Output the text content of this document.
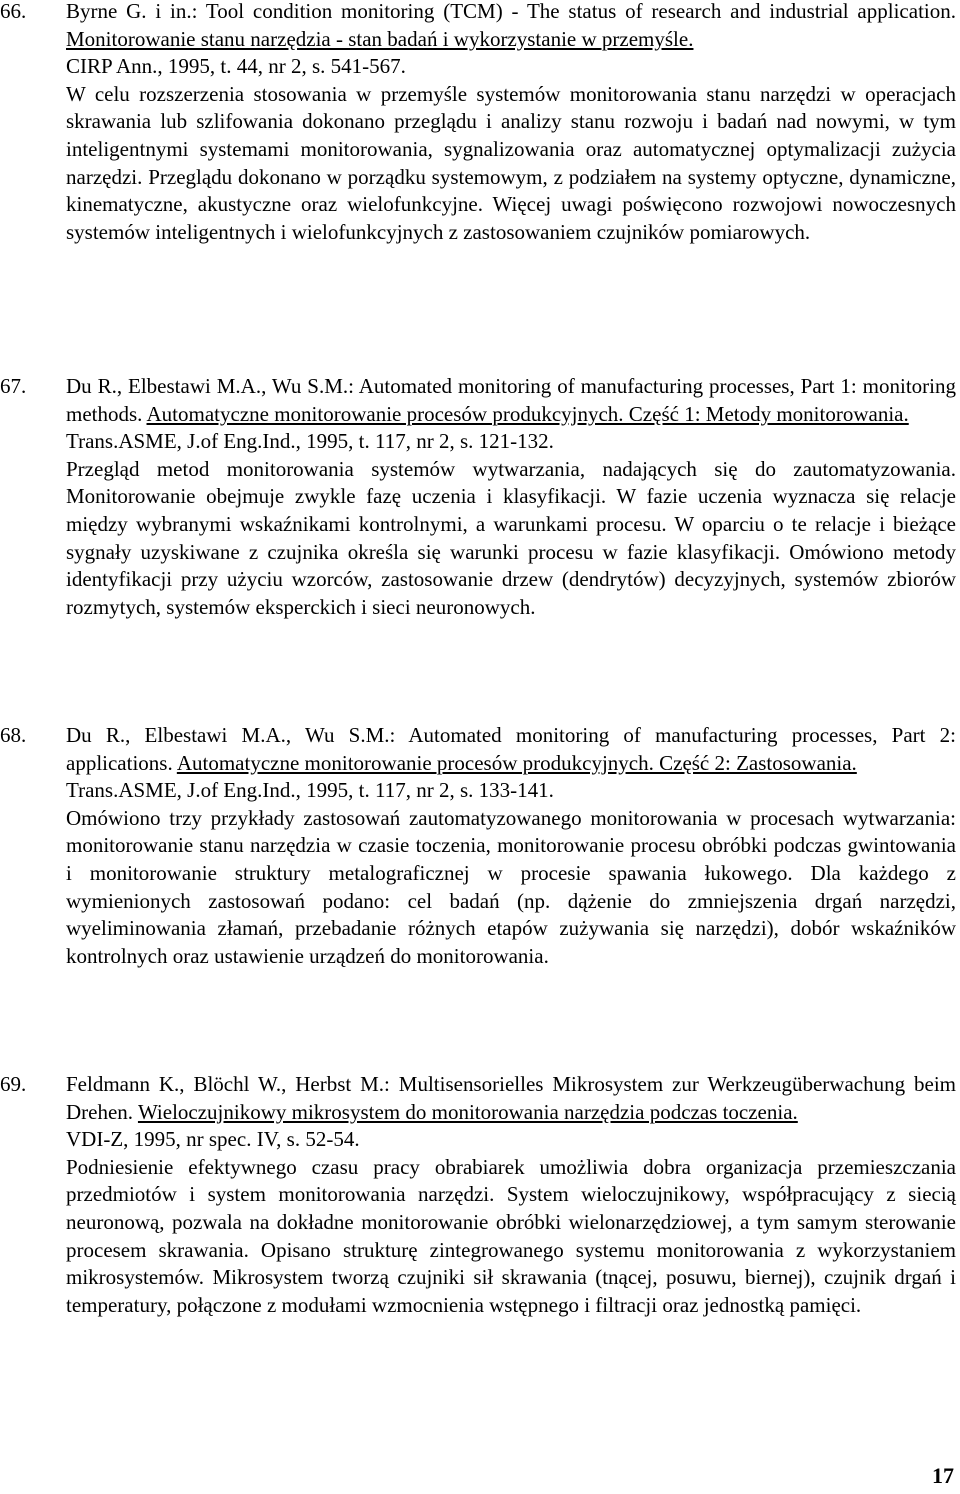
66.	Byrne G. i in.: Tool condition monitoring (TCM) - The status of research and industrial application. Monitorowanie stanu narzędzia - stan badań i wykorzystanie w przemyśle.

CIRP Ann., 1995, t. 44, nr 2, s. 541-567.

W celu rozszerzenia stosowania w przemyśle systemów monitorowania stanu narzędzi w operacjach skrawania lub szlifowania dokonano przeglądu i analizy stanu rozwoju i badań nad nowymi, w tym inteligentnymi systemami monitorowania, sygnalizowania oraz automatycznej optymalizacji zużycia narzędzi. Przeglądu dokonano w porządku systemowym, z podziałem na systemy optyczne, dynamiczne, kinematyczne, akustyczne oraz wielofunkcyjne. Więcej uwagi poświęcono rozwojowi nowoczesnych systemów inteligentnych i wielofunkcyjnych z zastosowaniem czujników pomiarowych.

67.	Du R., Elbestawi M.A., Wu S.M.: Automated monitoring of manufacturing processes, Part 1: monitoring methods. Automatyczne monitorowanie procesów produkcyjnych. Część 1: Metody monitorowania.

Trans.ASME, J.of Eng.Ind., 1995, t. 117, nr 2, s. 121-132.

Przegląd metod monitorowania systemów wytwarzania, nadających się do zautomatyzowania. Monitorowanie obejmuje zwykle fazę uczenia i klasyfikacji. W fazie uczenia wyznacza się relacje między wybranymi wskaźnikami kontrolnymi, a warunkami procesu. W oparciu o te relacje i bieżące sygnały uzyskiwane z czujnika określa się warunki procesu w fazie klasyfikacji. Omówiono metody identyfikacji przy użyciu wzorców, zastosowanie drzew (dendrytów) decyzyjnych, systemów zbiorów rozmytych, systemów eksperckich i sieci neuronowych.

68.	Du R., Elbestawi M.A., Wu S.M.: Automated monitoring of manufacturing processes, Part 2: applications. Automatyczne monitorowanie procesów produkcyjnych. Część 2: Zastosowania.

Trans.ASME, J.of Eng.Ind., 1995, t. 117, nr 2, s. 133-141.

Omówiono trzy przykłady zastosowań zautomatyzowanego monitorowania w procesach wytwarzania: monitorowanie stanu narzędzia w czasie toczenia, monitorowanie procesu obróbki podczas gwintowania i monitorowanie struktury metalograficznej w procesie spawania łukowego. Dla każdego z wymienionych zastosowań podano: cel badań (np. dążenie do zmniejszenia drgań narzędzi, wyeliminowania złamań, przebadanie różnych etapów zużywania się narzędzi), dobór wskaźników kontrolnych oraz ustawienie urządzeń do monitorowania.

69.	Feldmann K., Blöchl W., Herbst M.: Multisensorielles Mikrosystem zur Werkzeugüberwachung beim Drehen. Wieloczujnikowy mikrosystem do monitorowania narzędzia podczas toczenia.

VDI-Z, 1995, nr spec. IV, s. 52-54.

Podniesienie efektywnego czasu pracy obrabiarek umożliwia dobra organizacja przemieszczania przedmiotów i system monitorowania narzędzi. System wieloczujnikowy, współpracujący z siecią neuronową, pozwala na dokładne monitorowanie obróbki wielonarzędziowej, a tym samym sterowanie procesem skrawania. Opisano strukturę zintegrowanego systemu monitorowania z wykorzystaniem mikrosystemów. Mikrosystem tworzą czujniki sił skrawania (tnącej, posuwu, biernej), czujnik drgań i temperatury, połączone z modułami wzmocnienia wstępnego i filtracji oraz jednostką pamięci.

17
